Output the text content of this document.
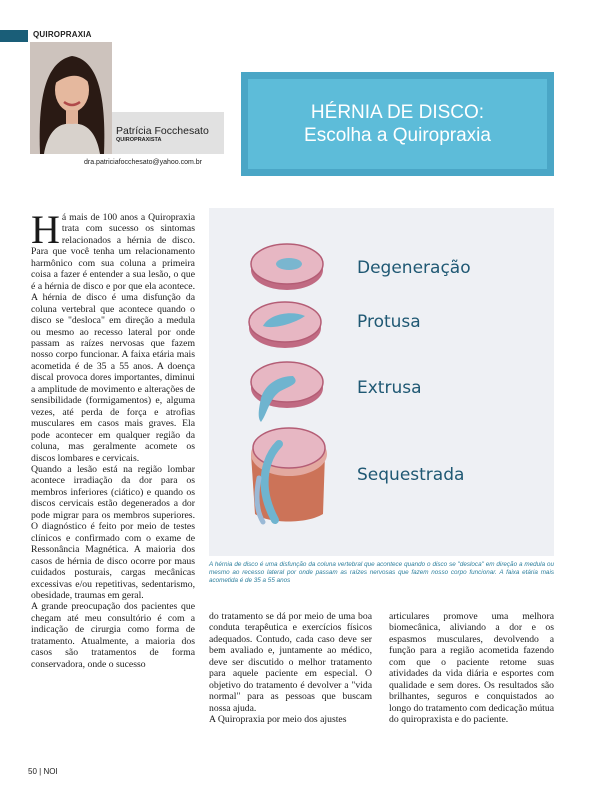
QUIROPRAXIA
Patrícia Focchesato
QUIROPRAXISTA
dra.patriciafocchesato@yahoo.com.br
HÉRNIA DE DISCO:
Escolha a Quiropraxia
Degeneração
Protusa
Extrusa
Sequestrada
A hérnia de disco é uma disfunção da coluna vertebral que acontece quando o disco se "desloca" em direção a medula ou mesmo ao recesso lateral por onde passam as raízes nervosas que fazem nosso corpo funcionar. A faixa etária mais acometida é de 35 a 55 anos

Há mais de 100 anos a Quiropraxia trata com sucesso os sintomas relacionados a hérnia de disco. Para que você tenha um relacionamento harmônico com sua coluna a primeira coisa a fazer é entender a sua lesão, o que é a hérnia de disco e por que ela acontece. A hérnia de disco é uma disfunção da coluna vertebral que acontece quando o disco se "desloca" em direção a medula ou mesmo ao recesso lateral por onde passam as raízes nervosas que fazem nosso corpo funcionar. A faixa etária mais acometida é de 35 a 55 anos. A doença discal provoca dores importantes, diminui a amplitude de movimento e alterações de sensibilidade (formigamentos) e, alguma vezes, até perda de força e atrofias musculares em casos mais graves. Ela pode acontecer em qualquer região da coluna, mas geralmente acomete os discos lombares e cervicais.

Quando a lesão está na região lombar acontece irradiação da dor para os membros inferiores (ciático) e quando os discos cervicais estão degenerados a dor pode migrar para os membros superiores. O diagnóstico é feito por meio de testes clínicos e confirmado com o exame de Ressonância Magnética. A maioria dos casos de hérnia de disco ocorre por maus cuidados posturais, cargas mecânicas excessivas e/ou repetitivas, sedentarismo, obesidade, traumas em geral.

A grande preocupação dos pacientes que chegam até meu consultório é com a indicação de cirurgia como forma de tratamento. Atualmente, a maioria dos casos são tratamentos de forma conservadora, onde o sucesso

do tratamento se dá por meio de uma boa conduta terapêutica e exercícios físicos adequados. Contudo, cada caso deve ser bem avaliado e, juntamente ao médico, deve ser discutido o melhor tratamento para aquele paciente em especial. O objetivo do tratamento é devolver a "vida normal" para as pessoas que buscam nossa ajuda.

A Quiropraxia por meio dos ajustes

articulares promove uma melhora biomecânica, aliviando a dor e os espasmos musculares, devolvendo a função para a região acometida fazendo com que o paciente retome suas atividades da vida diária e esportes com qualidade e sem dores. Os resultados são brilhantes, seguros e conquistados ao longo do tratamento com dedicação mútua do quiropraxista e do paciente.

50 | NOI
